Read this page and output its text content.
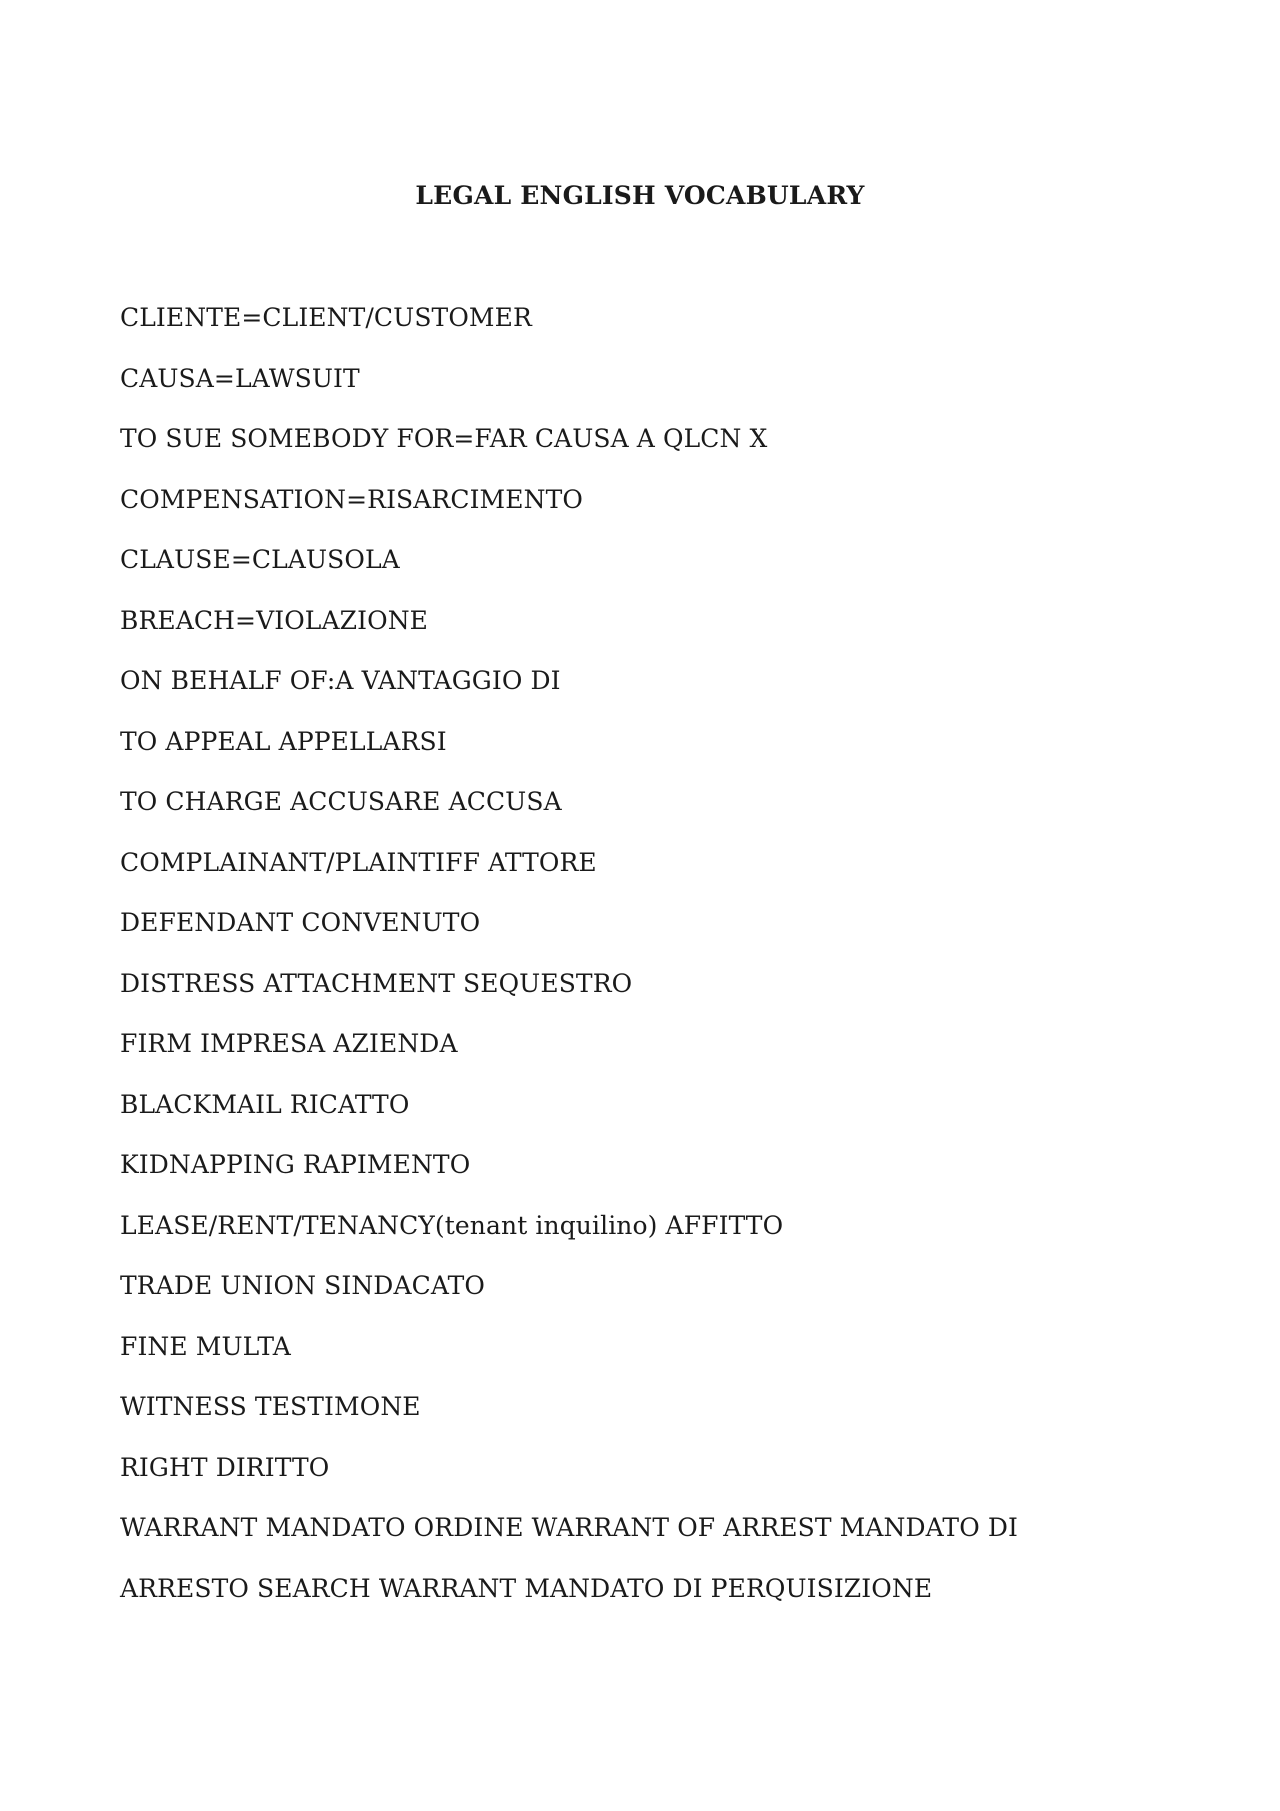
LEGAL ENGLISH VOCABULARY
CLIENTE=CLIENT/CUSTOMER
CAUSA=LAWSUIT
TO SUE SOMEBODY FOR=FAR CAUSA A QLCN X
COMPENSATION=RISARCIMENTO
CLAUSE=CLAUSOLA
BREACH=VIOLAZIONE
ON BEHALF OF:A VANTAGGIO DI
TO APPEAL APPELLARSI
TO CHARGE ACCUSARE ACCUSA
COMPLAINANT/PLAINTIFF ATTORE
DEFENDANT CONVENUTO
DISTRESS ATTACHMENT SEQUESTRO
FIRM IMPRESA AZIENDA
BLACKMAIL RICATTO
KIDNAPPING RAPIMENTO
LEASE/RENT/TENANCY(tenant inquilino) AFFITTO
TRADE UNION SINDACATO
FINE MULTA
WITNESS TESTIMONE
RIGHT DIRITTO
WARRANT MANDATO ORDINE WARRANT OF ARREST MANDATO DI
ARRESTO SEARCH WARRANT MANDATO DI PERQUISIZIONE
